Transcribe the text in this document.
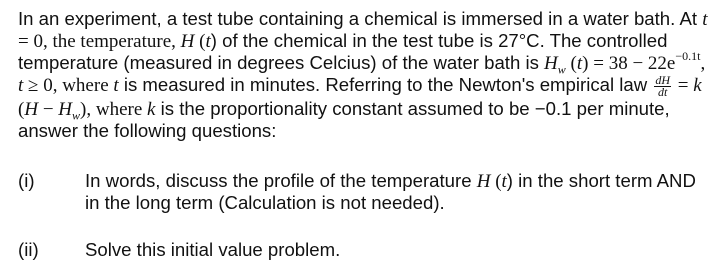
In an experiment, a test tube containing a chemical is immersed in a water bath. At t = 0, the temperature, H (t) of the chemical in the test tube is 27°C. The controlled temperature (measured in degrees Celcius) of the water bath is $H_w$ $(t) = 38 - 22e^{-0.1t}$, t ≥ 0, where t is measured in minutes. Referring to the Newton's empirical law $\frac{dH}{dt} = k$ $(H - H_w)$, where k is the proportionality constant assumed to be −0.1 per minute, answer the following questions:

(i)	In words, discuss the profile of the temperature H (t) in the short term AND in the long term (Calculation is not needed).
(ii) Solve this initial value problem.
